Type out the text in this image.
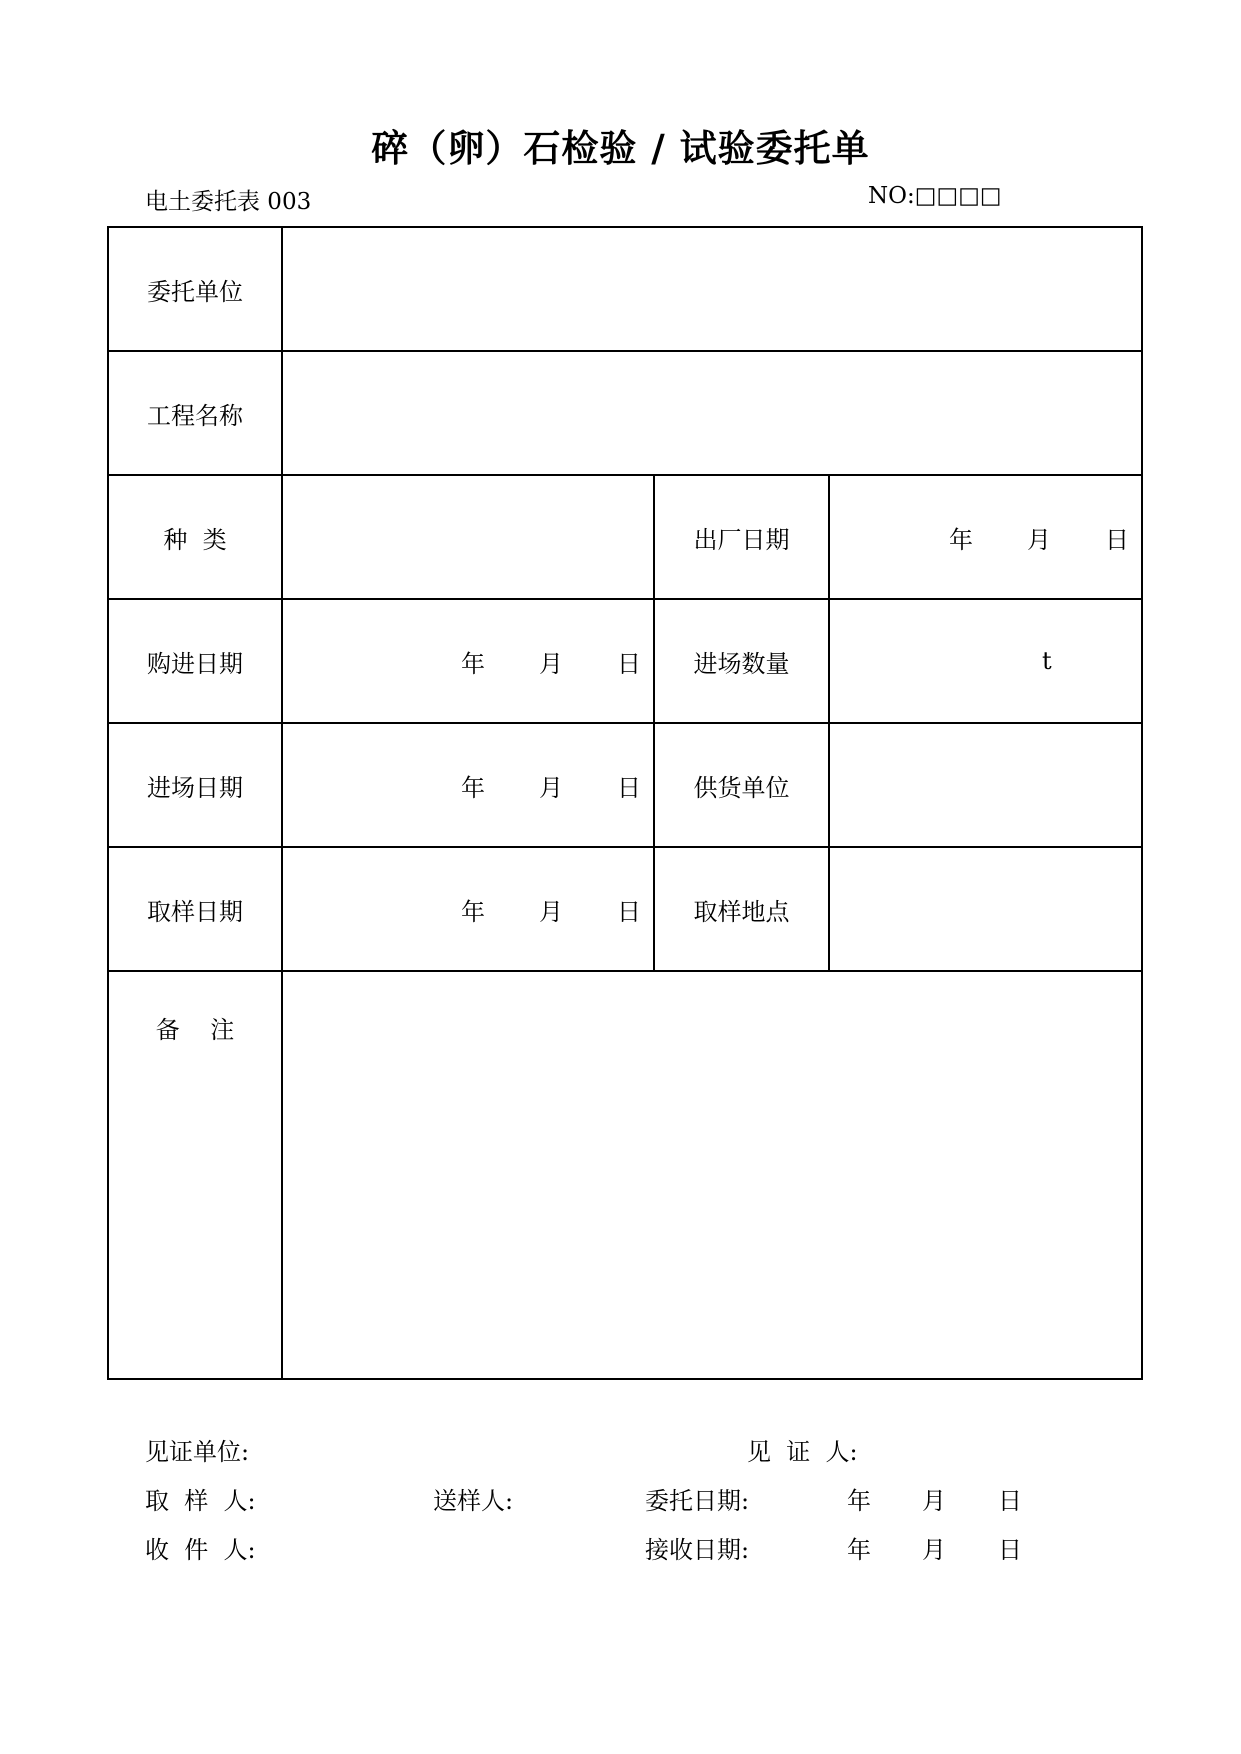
碎（卵）石检验 / 试验委托单
电土委托表 003	NO:□□□□
委托单位			
工程名称			
种  类		出厂日期	年 月 日
购进日期	年 月 日	进场数量	t
进场日期	年 月 日	供货单位	
取样日期	年 月 日	取样地点	
备    注			
见证单位:	见  证  人:
取  样  人:	送样人:	委托日期:	年 月 日
收  件  人:	接收日期:	年 月 日
